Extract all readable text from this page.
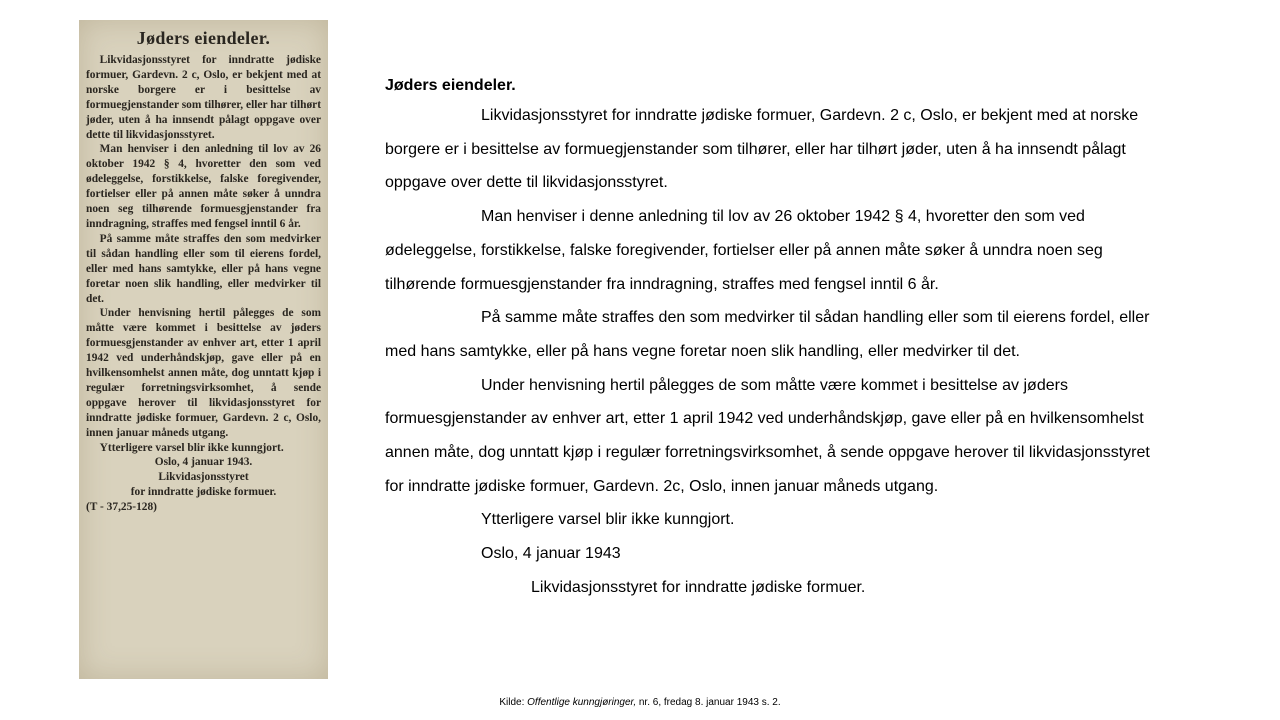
Jøders eiendeler.

Likvidasjonsstyret for inndratte jødiske formuer, Gardevn. 2 c, Oslo, er bekjent med at norske borgere er i besittelse av formuegjenstander som tilhører, eller har tilhørt jøder, uten å ha innsendt pålagt oppgave over dette til likvidasjonsstyret.

Man henviser i den anledning til lov av 26 oktober 1942 § 4, hvoretter den som ved ødeleggelse, forstikkelse, falske foregivender, fortielser eller på annen måte søker å unndra noen seg tilhørende formuesgjenstander fra inndragning, straffes med fengsel inntil 6 år.

På samme måte straffes den som medvirker til sådan handling eller som til eierens fordel, eller med hans samtykke, eller på hans vegne foretar noen slik handling, eller medvirker til det.

Under henvisning hertil pålegges de som måtte være kommet i besittelse av jøders formuesgjenstander av enhver art, etter 1 april 1942 ved underhåndskjøp, gave eller på en hvilkensomhelst annen måte, dog unntatt kjøp i regulær forretningsvirksomhet, å sende oppgave herover til likvidasjonsstyret for inndratte jødiske formuer, Gardevn. 2 c, Oslo, innen januar måneds utgang.

Ytterligere varsel blir ikke kunngjort.

Oslo, 4 januar 1943.

Likvidasjonsstyret

for inndratte jødiske formuer.

(T - 37,25-128)

Jøders eiendeler.

Likvidasjonsstyret for inndratte jødiske formuer, Gardevn. 2 c, Oslo, er bekjent med at norske borgere er i besittelse av formuegjenstander som tilhører, eller har tilhørt jøder, uten å ha innsendt pålagt oppgave over dette til likvidasjonsstyret.

Man henviser i denne anledning til lov av 26 oktober 1942 § 4, hvoretter den som ved ødeleggelse, forstikkelse, falske foregivender, fortielser eller på annen måte søker å unndra noen seg tilhørende formuesgjenstander fra inndragning, straffes med fengsel inntil 6 år.

På samme måte straffes den som medvirker til sådan handling eller som til eierens fordel, eller med hans samtykke, eller på hans vegne foretar noen slik handling, eller medvirker til det.

Under henvisning hertil pålegges de som måtte være kommet i besittelse av jøders formuesgjenstander av enhver art, etter 1 april 1942 ved underhåndskjøp, gave eller på en hvilkensomhelst annen måte, dog unntatt kjøp i regulær forretningsvirksomhet, å sende oppgave herover til likvidasjonsstyret for inndratte jødiske formuer, Gardevn. 2c, Oslo, innen januar måneds utgang.

Ytterligere varsel blir ikke kunngjort.

Oslo, 4 januar 1943

Likvidasjonsstyret for inndratte jødiske formuer.

Kilde: Offentlige kunngjøringer, nr. 6, fredag 8. januar 1943 s. 2.
